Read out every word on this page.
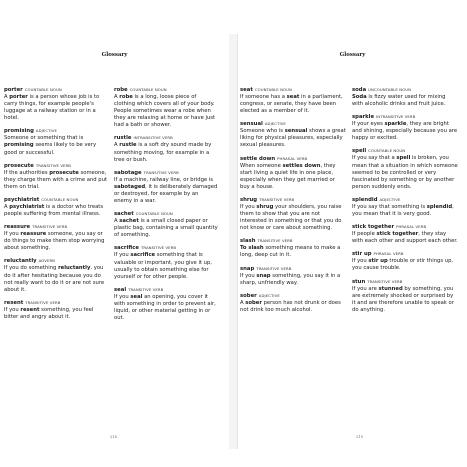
Glossary
porter COUNTABLE NOUN

A porter is a person whose job is to carry things, for example people's luggage at a railway station or in a hotel.

promising ADJECTIVE

Someone or something that is promising seems likely to be very good or successful.

prosecute TRANSITIVE VERB

If the authorities prosecute someone, they charge them with a crime and put them on trial.

psychiatrist COUNTABLE NOUN

A psychiatrist is a doctor who treats people suffering from mental illness.

reassure TRANSITIVE VERB

If you reassure someone, you say or do things to make them stop worrying about something.

reluctantly ADVERB

If you do something reluctantly, you do it after hesitating because you do not really want to do it or are not sure about it.

resent TRANSITIVE VERB

If you resent something, you feel bitter and angry about it.

robe COUNTABLE NOUN

A robe is a long, loose piece of clothing which covers all of your body. People sometimes wear a robe when they are relaxing at home or have just had a bath or shower.

rustle INTRANSITIVE VERB

A rustle is a soft dry sound made by something moving, for example in a tree or bush.

sabotage TRANSITIVE VERB

If a machine, railway line, or bridge is sabotaged, it is deliberately damaged or destroyed, for example by an enemy in a war.

sachet COUNTABLE NOUN

A sachet is a small closed paper or plastic bag, containing a small quantity of something.

sacrifice TRANSITIVE VERB

If you sacrifice something that is valuable or important, you give it up, usually to obtain something else for yourself or for other people.

seal TRANSITIVE VERB

If you seal an opening, you cover it with something in order to prevent air, liquid, or other material getting in or out.

218
Glossary
seat COUNTABLE NOUN

If someone has a seat in a parliament, congress, or senate, they have been elected as a member of it.

sensual ADJECTIVE

Someone who is sensual shows a great liking for physical pleasures, especially sexual pleasures.

settle down PHRASAL VERB

When someone settles down, they start living a quiet life in one place, especially when they get married or buy a house.

shrug TRANSITIVE VERB

If you shrug your shoulders, you raise them to show that you are not interested in something or that you do not know or care about something.

slash TRANSITIVE VERB

To slash something means to make a long, deep cut in it.

snap TRANSITIVE VERB

If you snap something, you say it in a sharp, unfriendly way.

sober ADJECTIVE

A sober person has not drunk or does not drink too much alcohol.

soda UNCOUNTABLE NOUN

Soda is fizzy water used for mixing with alcoholic drinks and fruit juice.

sparkle INTRANSITIVE VERB

If your eyes sparkle, they are bright and shining, especially because you are happy or excited.

spell COUNTABLE NOUN

If you say that a spell is broken, you mean that a situation in which someone seemed to be controlled or very fascinated by something or by another person suddenly ends.

splendid ADJECTIVE

If you say that something is splendid, you mean that it is very good.

stick together PHRASAL VERB

If people stick together, they stay with each other and support each other.

stir up PHRASAL VERB

If you stir up trouble or stir things up, you cause trouble.

stun TRANSITIVE VERB

If you are stunned by something, you are extremely shocked or surprised by it and are therefore unable to speak or do anything.

219
